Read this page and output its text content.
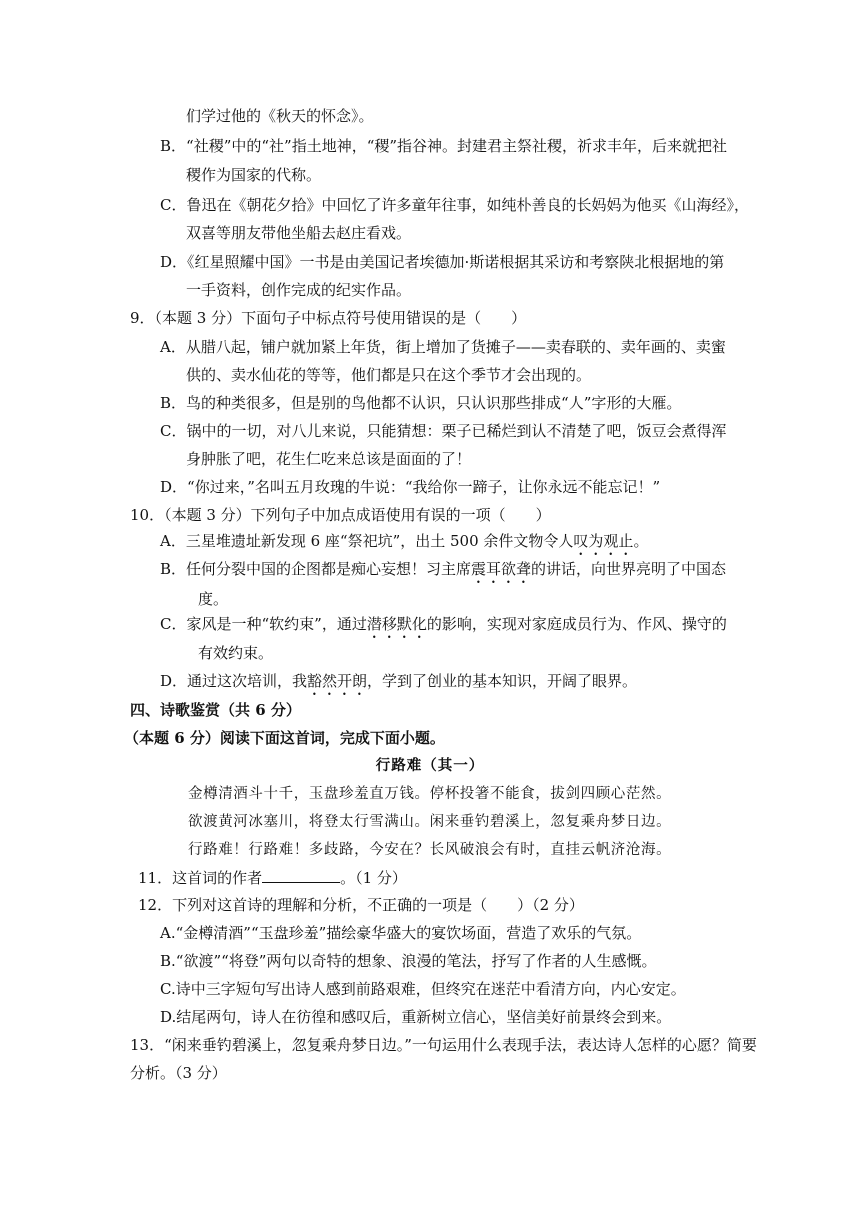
们学过他的《秋天的怀念》。
B．“社稷”中的“社”指土地神，“稷”指谷神。封建君主祭社稷，祈求丰年，后来就把社
稷作为国家的代称。
C．鲁迅在《朝花夕拾》中回忆了许多童年往事，如纯朴善良的长妈妈为他买《山海经》，
双喜等朋友带他坐船去赵庄看戏。
D．《红星照耀中国》一书是由美国记者埃德加·斯诺根据其采访和考察陕北根据地的第
一手资料，创作完成的纪实作品。
9．（本题 3 分）下面句子中标点符号使用错误的是（　　）
A．从腊八起，铺户就加紧上年货，街上增加了货摊子——卖春联的、卖年画的、卖蜜
供的、卖水仙花的等等，他们都是只在这个季节才会出现的。
B．鸟的种类很多，但是别的鸟他都不认识，只认识那些排成“人”字形的大雁。
C．锅中的一切，对八儿来说，只能猜想：栗子已稀烂到认不清楚了吧，饭豆会煮得浑
身肿胀了吧，花生仁吃来总该是面面的了！
D．“你过来，”名叫五月玫瑰的牛说：“我给你一蹄子，让你永远不能忘记！”
10．（本题 3 分）下列句子中加点成语使用有误的一项（　　）
A．三星堆遗址新发现 6 座“祭祀坑”，出土 500 余件文物令人叹为观止。
B．任何分裂中国的企图都是痴心妄想！习主席震耳欲聋的讲话，向世界亮明了中国态
度。
C．家风是一种“软约束”，通过潜移默化的影响，实现对家庭成员行为、作风、操守的
有效约束。
D．通过这次培训，我豁然开朗，学到了创业的基本知识，开阔了眼界。
四、诗歌鉴赏（共 6 分）
（本题 6 分）阅读下面这首词，完成下面小题。
行路难（其一）
金樽清酒斗十千，玉盘珍羞直万钱。停杯投箸不能食，拔剑四顾心茫然。
欲渡黄河冰塞川，将登太行雪满山。闲来垂钓碧溪上，忽复乘舟梦日边。
行路难！行路难！多歧路，今安在？长风破浪会有时，直挂云帆济沧海。
11．这首词的作者	。（1 分）
12．下列对这首诗的理解和分析，不正确的一项是（　　）（2 分）
A.“金樽清酒”“玉盘珍羞”描绘豪华盛大的宴饮场面，营造了欢乐的气氛。
B.“欲渡”“将登”两句以奇特的想象、浪漫的笔法，抒写了作者的人生感慨。
C.诗中三字短句写出诗人感到前路艰难，但终究在迷茫中看清方向，内心安定。
D.结尾两句，诗人在彷徨和感叹后，重新树立信心，坚信美好前景终会到来。
13．“闲来垂钓碧溪上，忽复乘舟梦日边。”一句运用什么表现手法，表达诗人怎样的心愿？简要
分析。（3 分）
